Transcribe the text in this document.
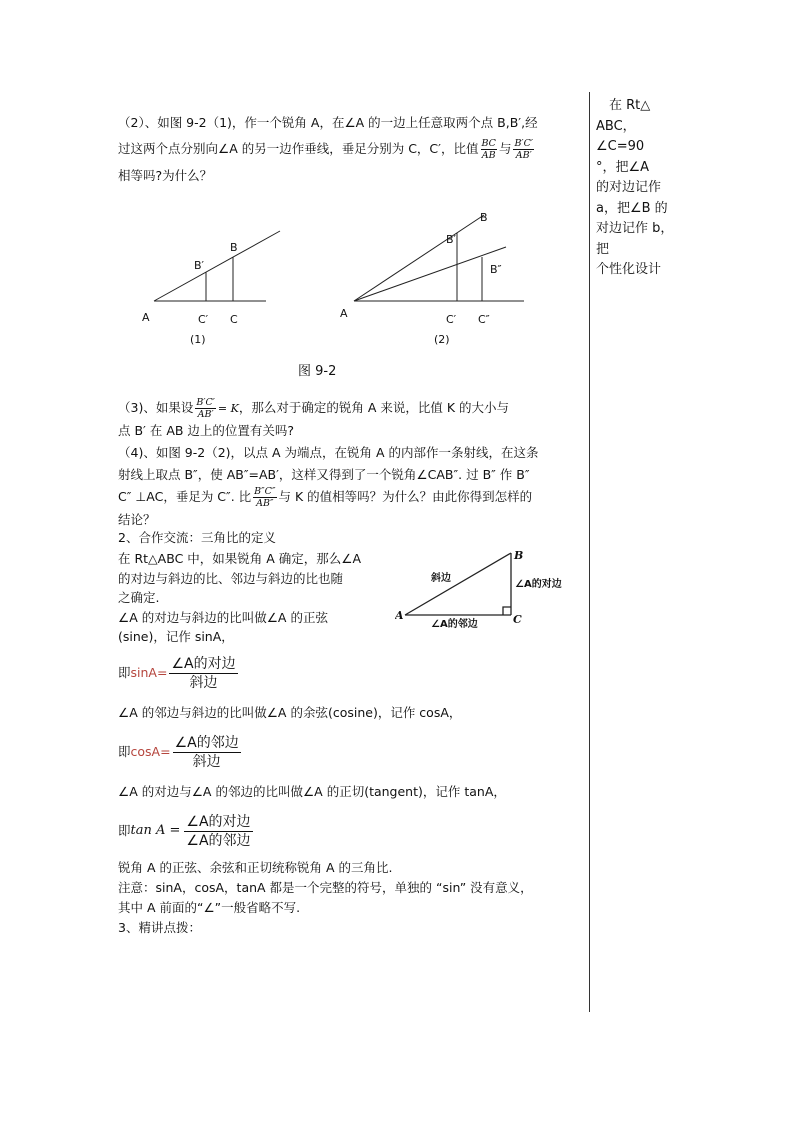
（2）、如图 9-2（1)，作一个锐角 A，在∠A 的一边上任意取两个点 B,B′,经

过这两个点分别向∠A 的另一边作垂线，垂足分别为 C，C′，比值 $\frac{BC}{AB}$ 与 $\frac{B'C'}{AB'}$

相等吗?为什么？

A
B
B′
C′ C
(1)
A
B
B′
B″
C′ C″
(2)
图 9-2

（3)、如果设 $\frac{B'C'}{AB'} = K$，那么对于确定的锐角 A 来说，比值 K 的大小与

点 B′ 在 AB 边上的位置有关吗?

（4)、如图 9-2（2)，以点 A 为端点，在锐角 A 的内部作一条射线，在这条

射线上取点 B″，使 AB″=AB′，这样又得到了一个锐角∠CAB″. 过 B″ 作 B″

C″ ⊥AC，垂足为 C″. 比 $\frac{B''C''}{AB''}$ 与 K 的值相等吗？为什么？由此你得到怎样的

结论？

2、合作交流：三角比的定义

在 Rt△ABC 中，如果锐角 A 确定，那么∠A

的对边与斜边的比、邻边与斜边的比也随

之确定.

∠A 的对边与斜边的比叫做∠A 的正弦

(sine)，记作 sinA，

B
A	C
斜边
∠A的对边
∠A的邻边
即 $\sin A= \frac{\text{∠A的对边}}{\text{斜边}}$

∠A 的邻边与斜边的比叫做∠A 的余弦(cosine)，记作 cosA，

即 $\cos A= \frac{\text{∠A的邻边}}{\text{斜边}}$

∠A 的对边与∠A 的邻边的比叫做∠A 的正切(tangent)，记作 tanA，

即 $\tan A = \frac{\text{∠A的对边}}{\text{∠A的邻边}}$

锐角 A 的正弦、余弦和正切统称锐角 A 的三角比.

注意：sinA，cosA，tanA 都是一个完整的符号，单独的 “sin” 没有意义，

其中 A 前面的“∠”一般省略不写.

3、精讲点拨：

　在 Rt△

ABC，∠C=90

°，把∠A

的对边记作

a，把∠B 的

对边记作 b，

把

个性化设计
